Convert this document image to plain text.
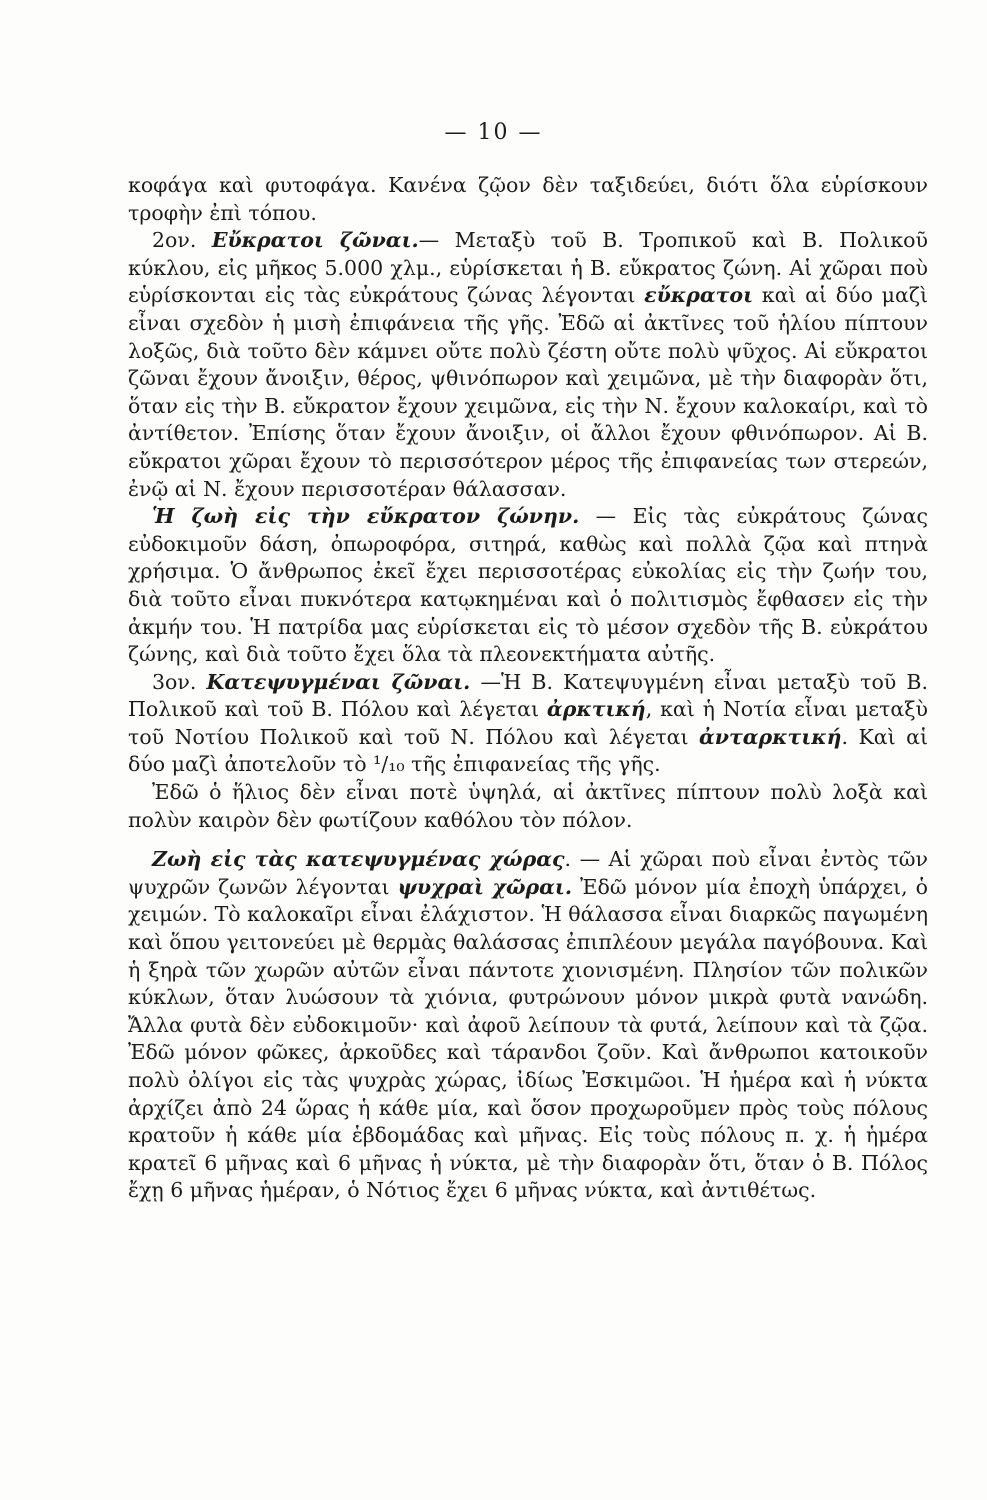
— 10 —

κοφάγα καὶ φυτοφάγα. Κανένα ζῷον δὲν ταξιδεύει, διότι ὅλα εὑρίσκουν τροφὴν ἐπὶ τόπου.

2ον. Εὔκρατοι ζῶναι.— Μεταξὺ τοῦ Β. Τροπικοῦ καὶ Β. Πολικοῦ κύκλου, εἰς μῆκος 5.000 χλμ., εὑρίσκεται ἡ Β. εὔκρατος ζώνη. Αἱ χῶραι ποὺ εὑρίσκονται εἰς τὰς εὐκράτους ζώνας λέγονται εὔκρατοι καὶ αἱ δύο μαζὶ εἶναι σχεδὸν ἡ μισὴ ἐπιφάνεια τῆς γῆς. Ἐδῶ αἱ ἀκτῖνες τοῦ ἡλίου πίπτουν λοξῶς, διὰ τοῦτο δὲν κάμνει οὔτε πολὺ ζέστη οὔτε πολὺ ψῦχος. Αἱ εὔκρατοι ζῶναι ἔχουν ἄνοιξιν, θέρος, ψθινόπωρον καὶ χειμῶνα, μὲ τὴν διαφορὰν ὅτι, ὅταν εἰς τὴν Β. εὔκρατον ἔχουν χειμῶνα, εἰς τὴν Ν. ἔχουν καλοκαίρι, καὶ τὸ ἀντίθετον. Ἐπίσης ὅταν ἔχουν ἄνοιξιν, οἱ ἄλλοι ἔχουν φθινόπωρον. Αἱ Β. εὔκρατοι χῶραι ἔχουν τὸ περισσότερον μέρος τῆς ἐπιφανείας των στερεών, ἐνῷ αἱ Ν. ἔχουν περισσοτέραν θάλασσαν.

Ἡ ζωὴ εἰς τὴν εὔκρατον ζώνην. — Εἰς τὰς εὐκράτους ζώνας εὐδοκιμοῦν δάση, ὀπωροφόρα, σιτηρά, καθὼς καὶ πολλὰ ζῷα καὶ πτηνὰ χρήσιμα. Ὁ ἄνθρωπος ἐκεῖ ἔχει περισσοτέρας εὐκολίας εἰς τὴν ζωήν του, διὰ τοῦτο εἶναι πυκνότερα κατῳκημέναι καὶ ὁ πολιτισμὸς ἔφθασεν εἰς τὴν ἀκμήν του. Ἡ πατρίδα μας εὑρίσκεται εἰς τὸ μέσον σχεδὸν τῆς Β. εὐκράτου ζώνης, καὶ διὰ τοῦτο ἔχει ὅλα τὰ πλεονεκτήματα αὐτῆς.

3ον. Κατεψυγμέναι ζῶναι. —Ἡ Β. Κατεψυγμένη εἶναι μεταξὺ τοῦ Β. Πολικοῦ καὶ τοῦ Β. Πόλου καὶ λέγεται ἀρκτική, καὶ ἡ Νοτία εἶναι μεταξὺ τοῦ Νοτίου Πολικοῦ καὶ τοῦ Ν. Πόλου καὶ λέγεται ἀνταρκτική. Καὶ αἱ δύο μαζὶ ἀποτελοῦν τὸ ¹/₁₀ τῆς ἐπιφανείας τῆς γῆς.

Ἐδῶ ὁ ἥλιος δὲν εἶναι ποτὲ ὑψηλά, αἱ ἀκτῖνες πίπτουν πολὺ λοξὰ καὶ πολὺν καιρὸν δὲν φωτίζουν καθόλου τὸν πόλον.

Ζωὴ εἰς τὰς κατεψυγμένας χώρας. — Αἱ χῶραι ποὺ εἶναι ἐντὸς τῶν ψυχρῶν ζωνῶν λέγονται ψυχραὶ χῶραι. Ἐδῶ μόνον μία ἐποχὴ ὑπάρχει, ὁ χειμών. Τὸ καλοκαῖρι εἶναι ἐλάχιστον. Ἡ θάλασσα εἶναι διαρκῶς παγωμένη καὶ ὅπου γειτονεύει μὲ θερμὰς θαλάσσας ἐπιπλέουν μεγάλα παγόβουνα. Καὶ ἡ ξηρὰ τῶν χωρῶν αὐτῶν εἶναι πάντοτε χιονισμένη. Πλησίον τῶν πολικῶν κύκλων, ὅταν λυώσουν τὰ χιόνια, φυτρώνουν μόνον μικρὰ φυτὰ νανώδη. Ἄλλα φυτὰ δὲν εὐδοκιμοῦν· καὶ ἀφοῦ λείπουν τὰ φυτά, λείπουν καὶ τὰ ζῷα. Ἐδῶ μόνον φῶκες, ἀρκοῦδες καὶ τάρανδοι ζοῦν. Καὶ ἄνθρωποι κατοικοῦν πολὺ ὀλίγοι εἰς τὰς ψυχρὰς χώρας, ἰδίως Ἐσκιμῶοι. Ἡ ἡμέρα καὶ ἡ νύκτα ἀρχίζει ἀπὸ 24 ὥρας ἡ κάθε μία, καὶ ὅσον προχωροῦμεν πρὸς τοὺς πόλους κρατοῦν ἡ κάθε μία ἑβδομάδας καὶ μῆνας. Εἰς τοὺς πόλους π. χ. ἡ ἡμέρα κρατεῖ 6 μῆνας καὶ 6 μῆνας ἡ νύκτα, μὲ τὴν διαφορὰν ὅτι, ὅταν ὁ Β. Πόλος ἔχῃ 6 μῆνας ἡμέραν, ὁ Νότιος ἔχει 6 μῆνας νύκτα, καὶ ἀντιθέτως.
